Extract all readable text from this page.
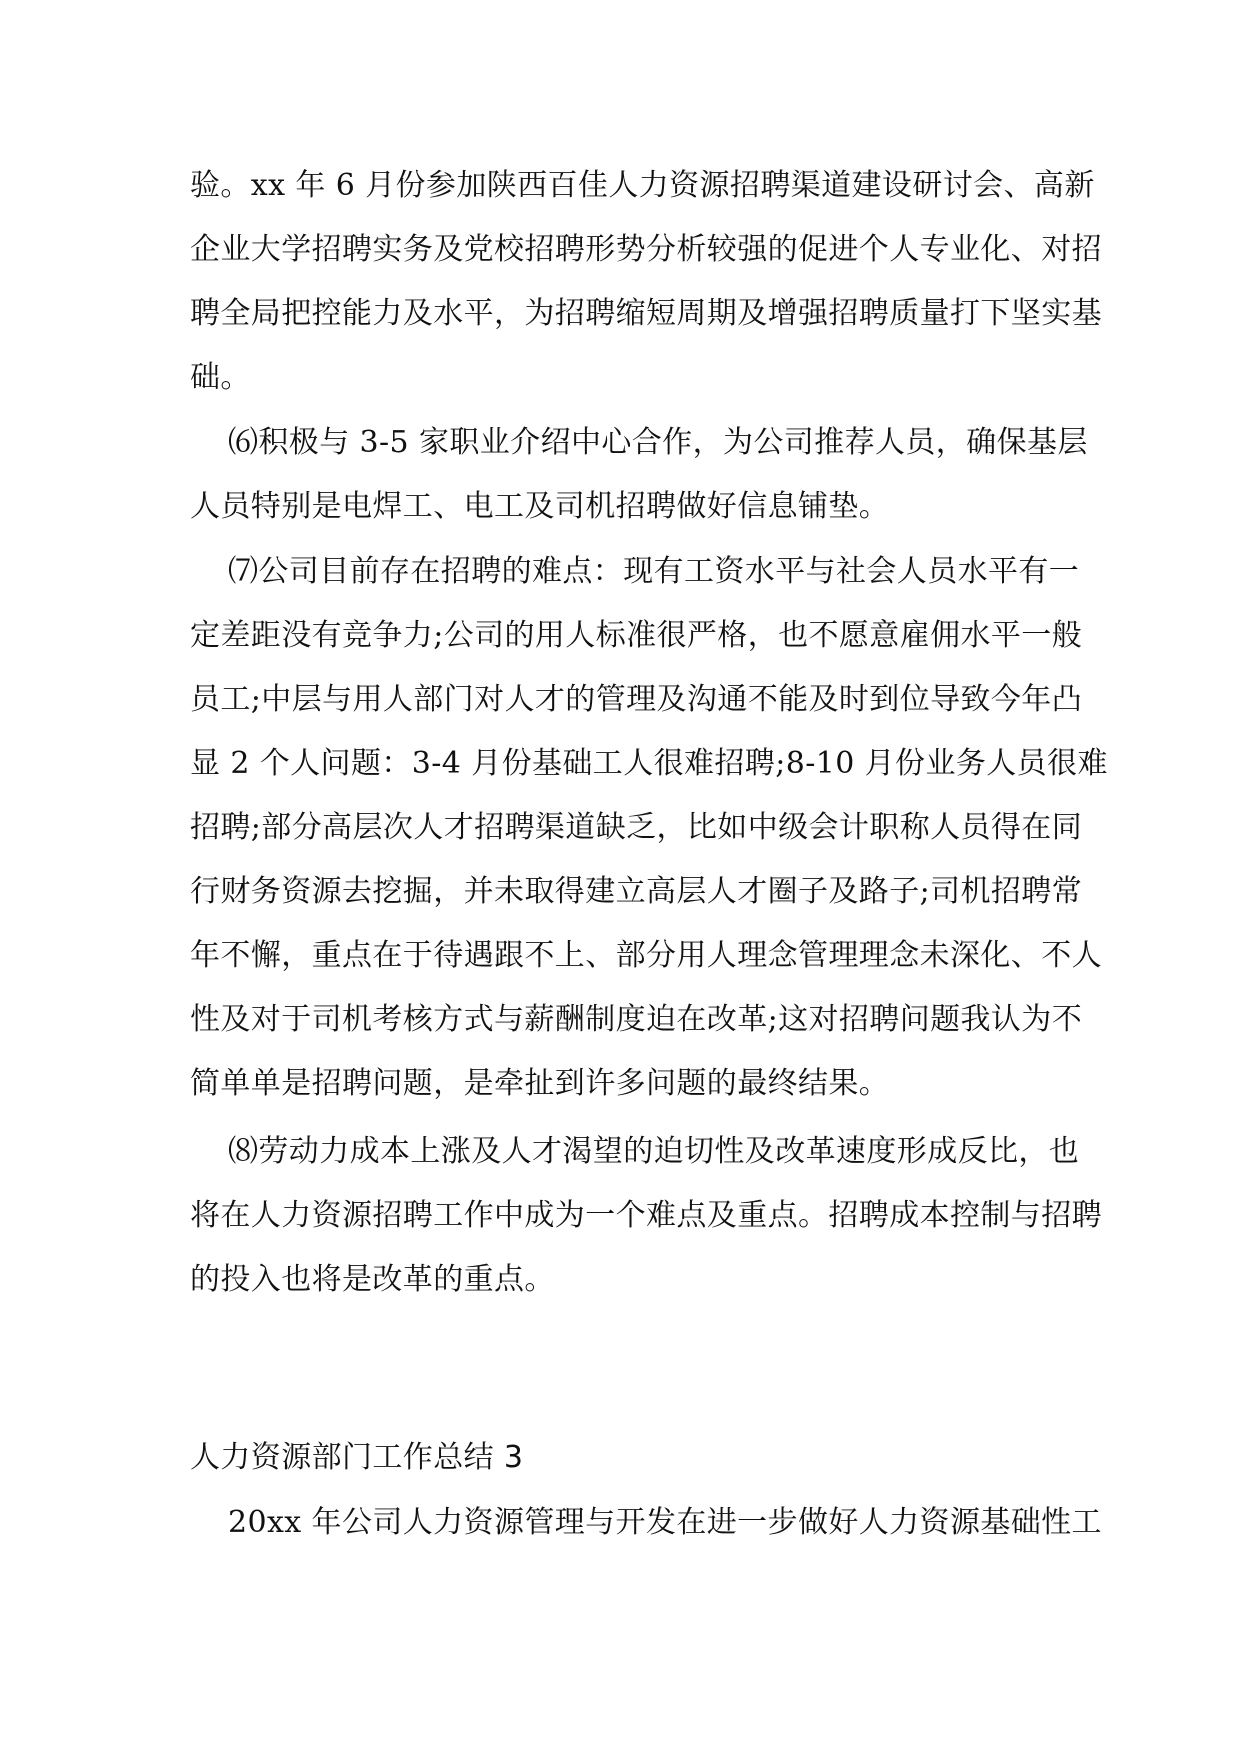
验。xx 年 6 月份参加陕西百佳人力资源招聘渠道建设研讨会、高新
企业大学招聘实务及党校招聘形势分析较强的促进个人专业化、对招
聘全局把控能力及水平，为招聘缩短周期及增强招聘质量打下坚实基
础。
⑹积极与 3-5 家职业介绍中心合作，为公司推荐人员，确保基层
人员特别是电焊工、电工及司机招聘做好信息铺垫。
⑺公司目前存在招聘的难点：现有工资水平与社会人员水平有一
定差距没有竞争力;公司的用人标准很严格，也不愿意雇佣水平一般
员工;中层与用人部门对人才的管理及沟通不能及时到位导致今年凸
显 2 个人问题：3-4 月份基础工人很难招聘;8-10 月份业务人员很难
招聘;部分高层次人才招聘渠道缺乏，比如中级会计职称人员得在同
行财务资源去挖掘，并未取得建立高层人才圈子及路子;司机招聘常
年不懈，重点在于待遇跟不上、部分用人理念管理理念未深化、不人
性及对于司机考核方式与薪酬制度迫在改革;这对招聘问题我认为不
简单单是招聘问题，是牵扯到许多问题的最终结果。
⑻劳动力成本上涨及人才渴望的迫切性及改革速度形成反比，也
将在人力资源招聘工作中成为一个难点及重点。招聘成本控制与招聘
的投入也将是改革的重点。
人力资源部门工作总结 3
20xx 年公司人力资源管理与开发在进一步做好人力资源基础性工
